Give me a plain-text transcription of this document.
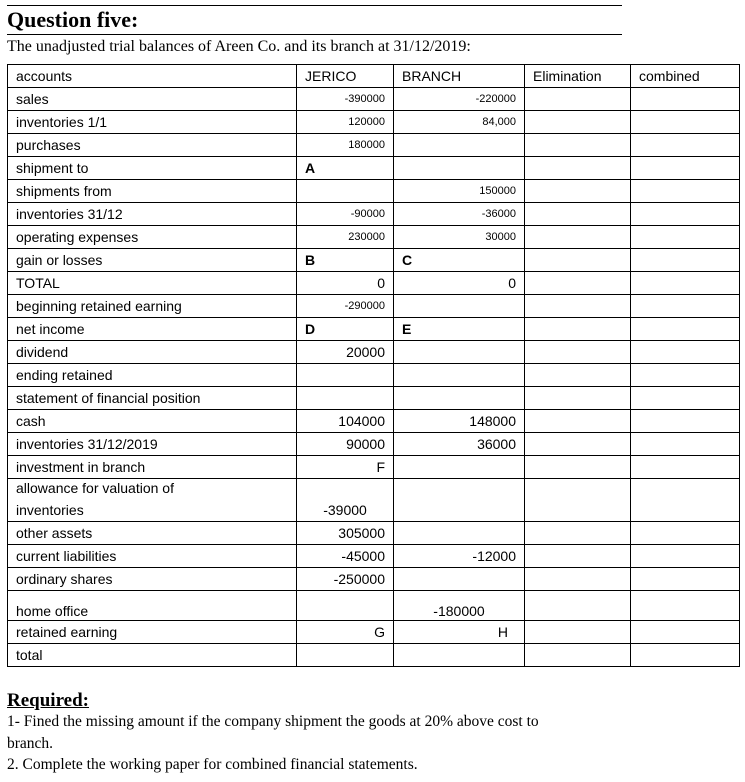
Question five:
The unadjusted trial balances of Areen Co. and its branch at 31/12/2019:
accounts	JERICO	BRANCH	Elimination	combined
sales	-390000	-220000		
inventories 1/1	120000	84,000		
purchases	180000			
shipment to	A			
shipments from		150000		
inventories 31/12	-90000	-36000		
operating expenses	230000	30000		
gain or losses	B	C		
TOTAL	0	0		
beginning retained earning	-290000			
net income	D	E		
dividend	20000			
ending retained				
statement of financial position				
cash	104000	148000		
inventories 31/12/2019	90000	36000		
investment in branch	F			

allowance for valuation of
inventories	-39000			
other assets	305000			
current liabilities	-45000	-12000		
ordinary shares	-250000			
home office		-180000		
retained earning	G	H		
total				
Required:
1- Fined the missing amount if the company shipment the goods at 20% above cost to
branch.
2. Complete the working paper for combined financial statements.
